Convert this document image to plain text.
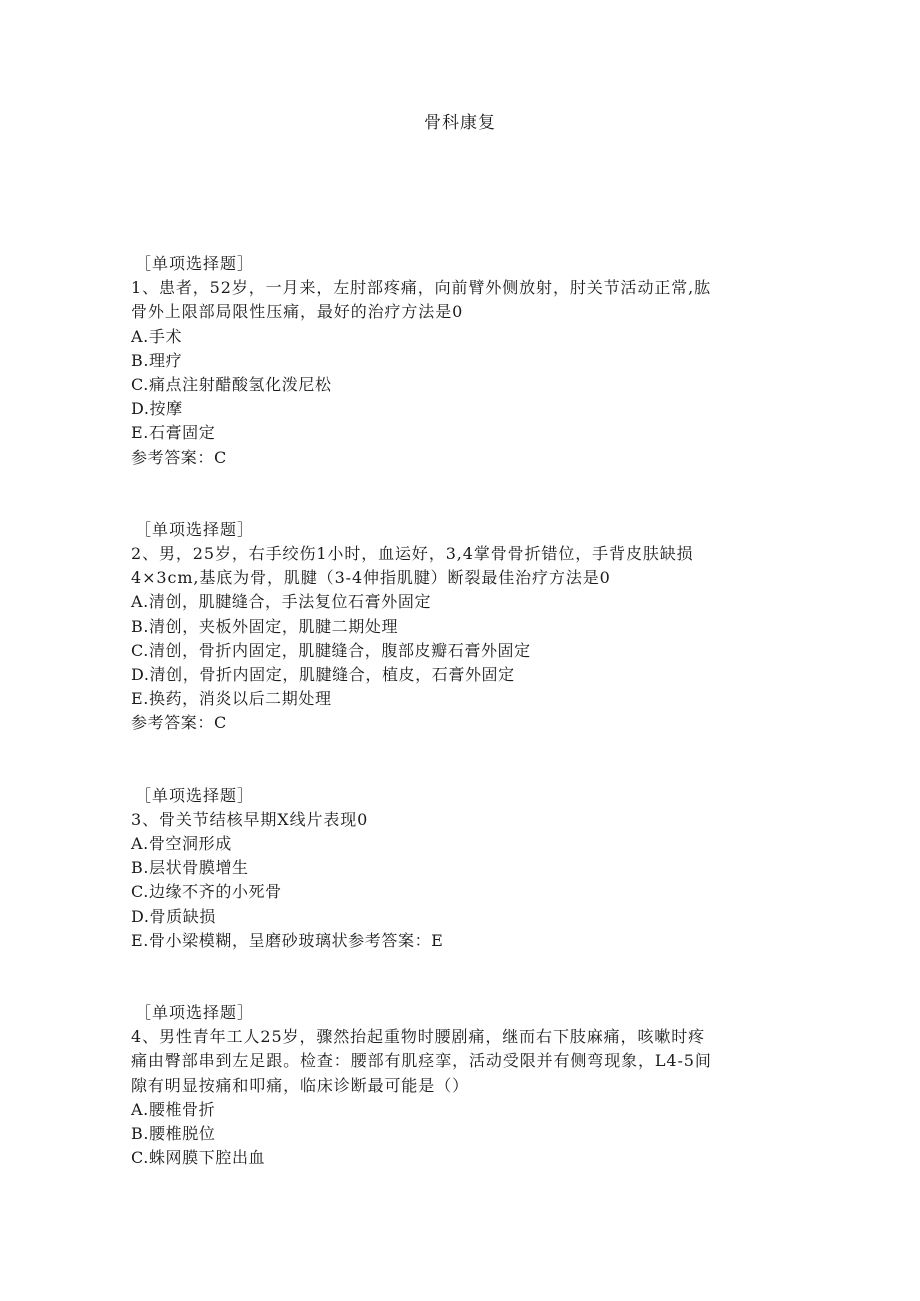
骨科康复
［单项选择题］
1、患者，52岁，一月来，左肘部疼痛，向前臂外侧放射，肘关节活动正常,肱
骨外上限部局限性压痛，最好的治疗方法是0
A.手术
B.理疗
C.痛点注射醋酸氢化泼尼松
D.按摩
E.石膏固定
参考答案：C
［单项选择题］
2、男，25岁，右手绞伤1小时，血运好，3,4掌骨骨折错位，手背皮肤缺损
4×3cm,基底为骨，肌腱（3-4伸指肌腱）断裂最佳治疗方法是0
A.清创，肌腱缝合，手法复位石膏外固定
B.清创，夹板外固定，肌腱二期处理
C.清创，骨折内固定，肌腱缝合，腹部皮瓣石膏外固定
D.清创，骨折内固定，肌腱缝合，植皮，石膏外固定
E.换药，消炎以后二期处理
参考答案：C
［单项选择题］
3、骨关节结核早期X线片表现0
A.骨空洞形成
B.层状骨膜增生
C.边缘不齐的小死骨
D.骨质缺损
E.骨小梁模糊，呈磨砂玻璃状参考答案：E
［单项选择题］
4、男性青年工人25岁，骤然抬起重物时腰剧痛，继而右下肢麻痛，咳嗽时疼
痛由臀部串到左足跟。检查：腰部有肌痉挛，活动受限并有侧弯现象，L4-5间
隙有明显按痛和叩痛，临床诊断最可能是（）
A.腰椎骨折
B.腰椎脱位
C.蛛网膜下腔出血
